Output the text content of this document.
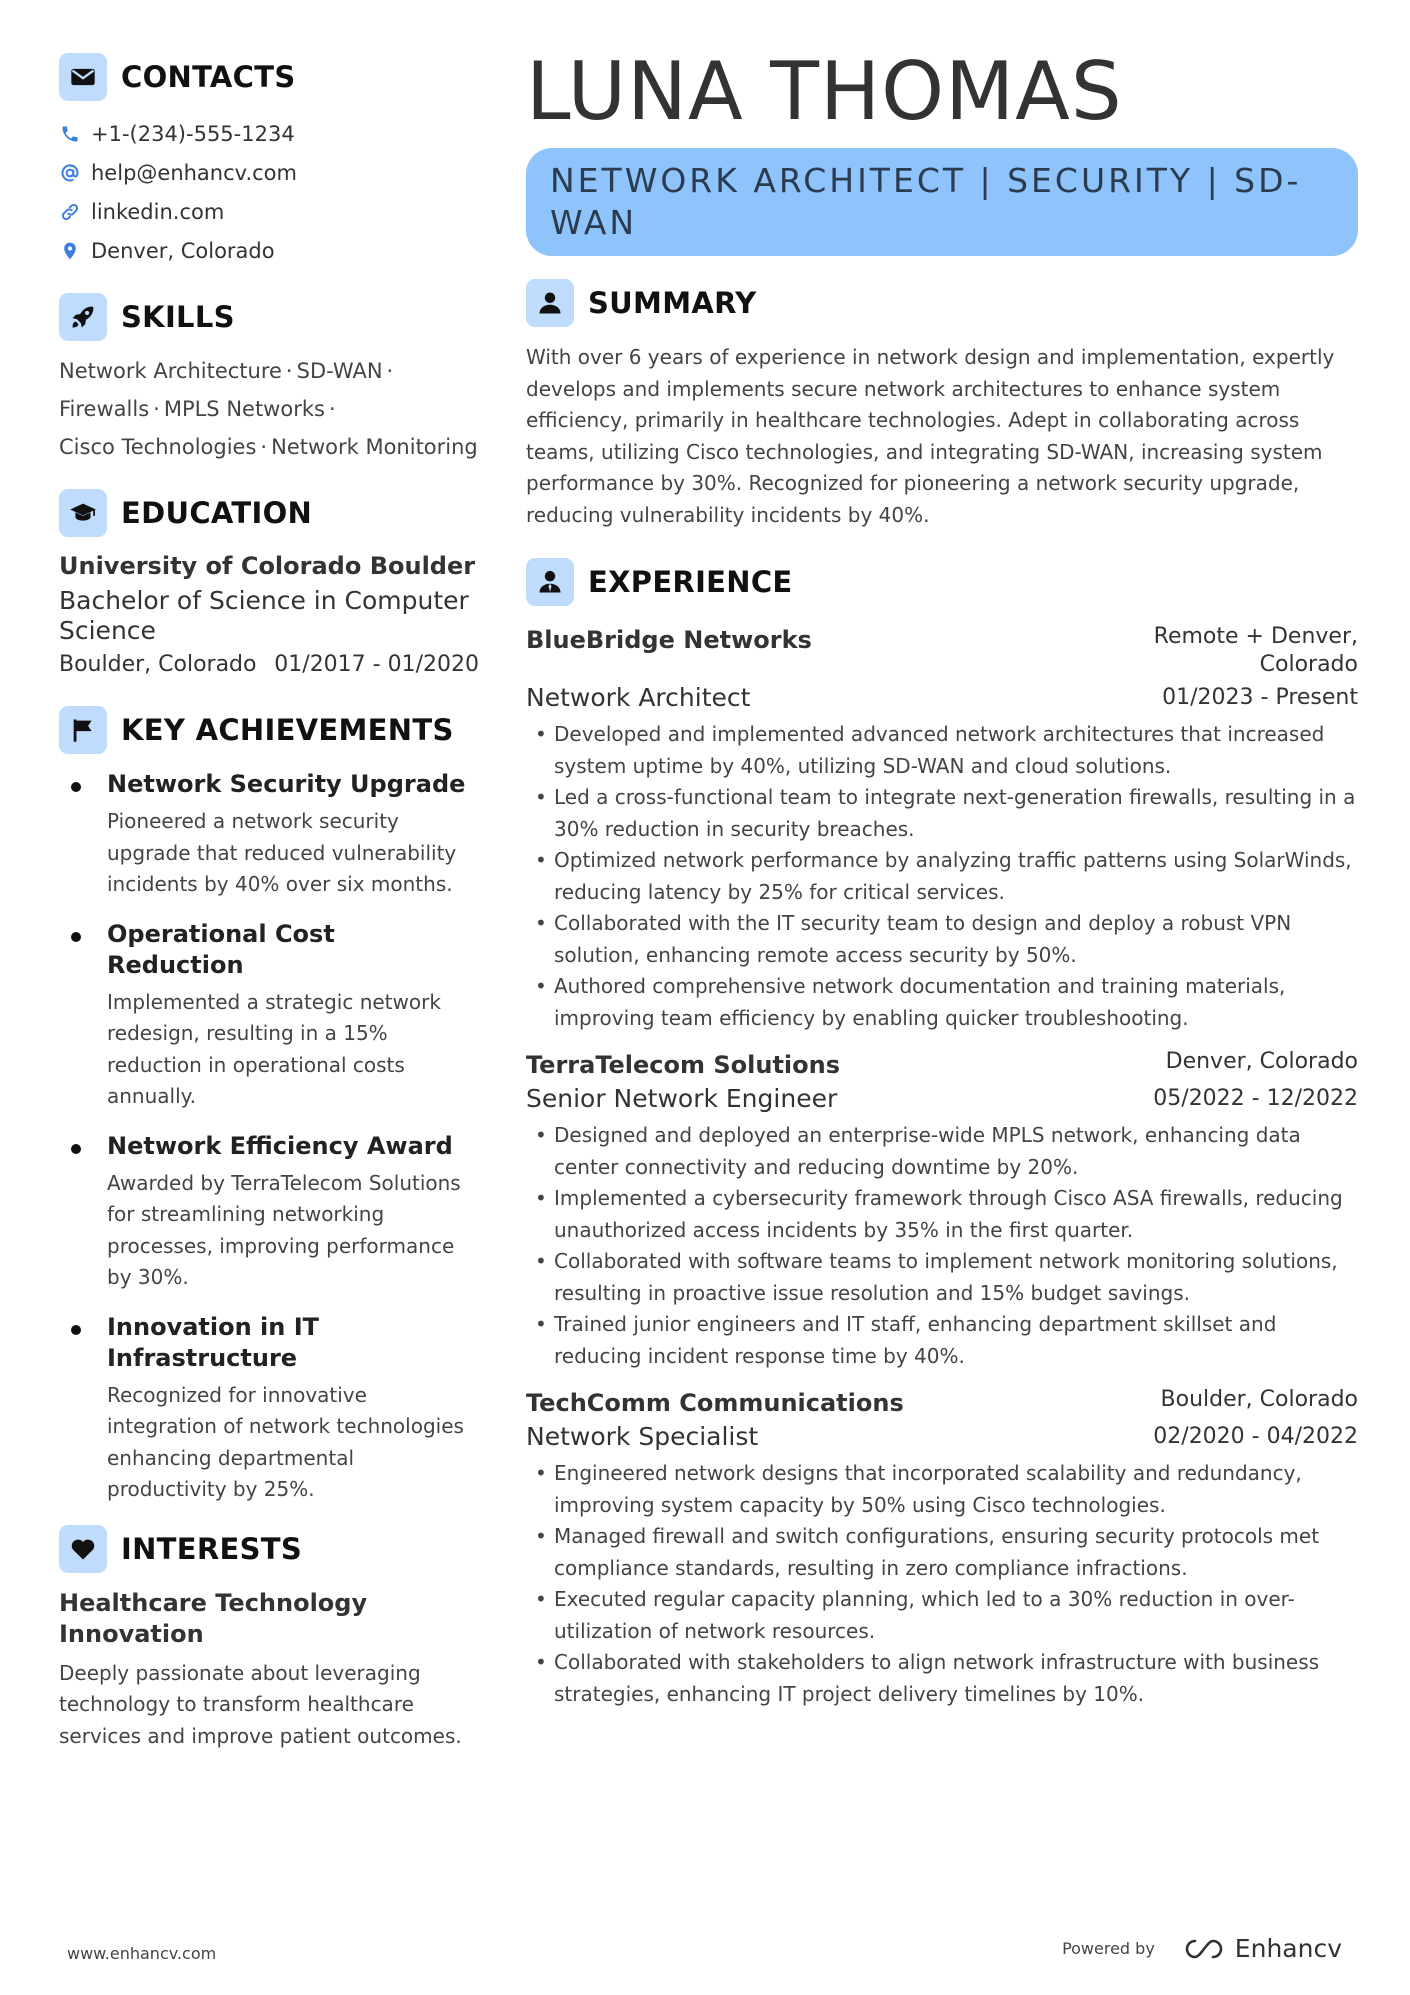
CONTACTS
+1-(234)-555-1234
help@enhancv.com
linkedin.com
Denver, Colorado
SKILLS
Network Architecture · SD-WAN ·
Firewalls · MPLS Networks ·
Cisco Technologies · Network Monitoring
EDUCATION
University of Colorado Boulder
Bachelor of Science in Computer Science
Boulder, Colorado 01/2017 - 01/2020
KEY ACHIEVEMENTS
Network Security Upgrade
Pioneered a network security upgrade that reduced vulnerability incidents by 40% over six months.
Operational Cost Reduction
Implemented a strategic network redesign, resulting in a 15% reduction in operational costs annually.
Network Efficiency Award
Awarded by TerraTelecom Solutions for streamlining networking processes, improving performance by 30%.
Innovation in IT Infrastructure
Recognized for innovative integration of network technologies enhancing departmental productivity by 25%.
INTERESTS
Healthcare Technology Innovation
Deeply passionate about leveraging technology to transform healthcare services and improve patient outcomes.
LUNA THOMAS
NETWORK ARCHITECT | SECURITY | SD-WAN
SUMMARY
With over 6 years of experience in network design and implementation, expertly develops and implements secure network architectures to enhance system efficiency, primarily in healthcare technologies. Adept in collaborating across teams, utilizing Cisco technologies, and integrating SD-WAN, increasing system performance by 30%. Recognized for pioneering a network security upgrade, reducing vulnerability incidents by 40%.
EXPERIENCE
BlueBridge Networks	Remote + Denver, Colorado
Network Architect	01/2023 - Present
• Developed and implemented advanced network architectures that increased system uptime by 40%, utilizing SD-WAN and cloud solutions.
• Led a cross-functional team to integrate next-generation firewalls, resulting in a 30% reduction in security breaches.
• Optimized network performance by analyzing traffic patterns using SolarWinds, reducing latency by 25% for critical services.
• Collaborated with the IT security team to design and deploy a robust VPN solution, enhancing remote access security by 50%.
• Authored comprehensive network documentation and training materials, improving team efficiency by enabling quicker troubleshooting.
TerraTelecom Solutions	Denver, Colorado
Senior Network Engineer	05/2022 - 12/2022
• Designed and deployed an enterprise-wide MPLS network, enhancing data center connectivity and reducing downtime by 20%.
• Implemented a cybersecurity framework through Cisco ASA firewalls, reducing unauthorized access incidents by 35% in the first quarter.
• Collaborated with software teams to implement network monitoring solutions, resulting in proactive issue resolution and 15% budget savings.
• Trained junior engineers and IT staff, enhancing department skillset and reducing incident response time by 40%.
TechComm Communications	Boulder, Colorado
Network Specialist	02/2020 - 04/2022
• Engineered network designs that incorporated scalability and redundancy, improving system capacity by 50% using Cisco technologies.
• Managed firewall and switch configurations, ensuring security protocols met compliance standards, resulting in zero compliance infractions.
• Executed regular capacity planning, which led to a 30% reduction in over-utilization of network resources.
• Collaborated with stakeholders to align network infrastructure with business strategies, enhancing IT project delivery timelines by 10%.
www.enhancv.com	Powered by	Enhancv
